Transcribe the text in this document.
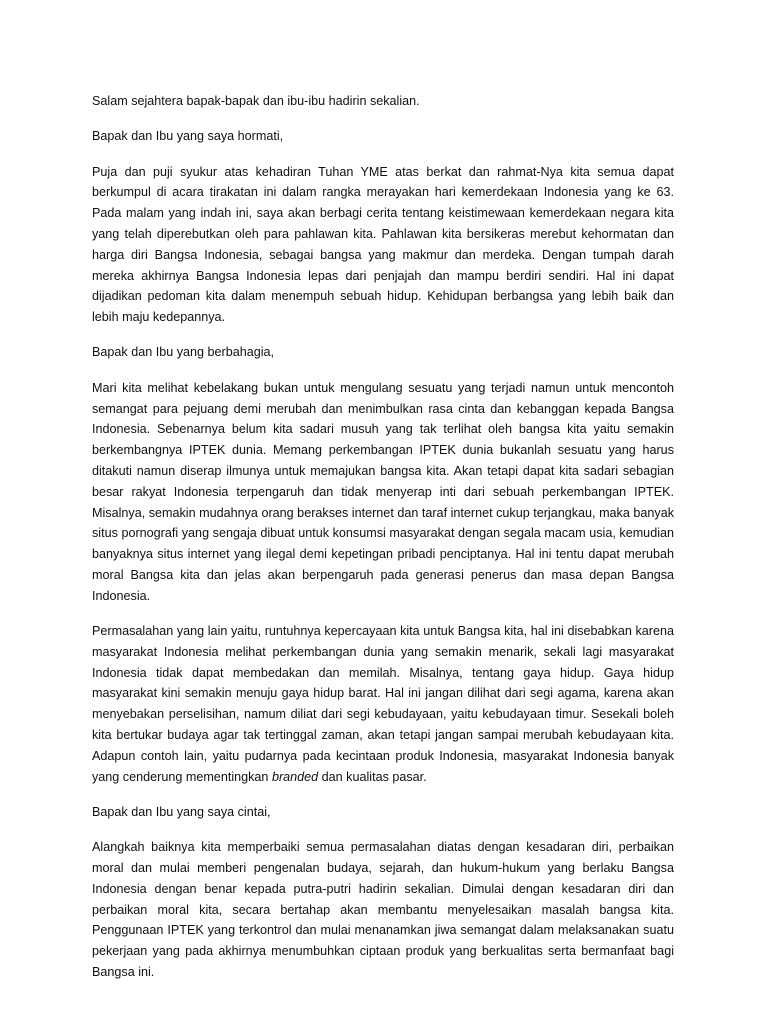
Salam sejahtera bapak-bapak dan ibu-ibu hadirin sekalian.

Bapak dan Ibu yang saya hormati,

Puja dan puji syukur atas kehadiran Tuhan YME atas berkat dan rahmat-Nya kita semua dapat berkumpul di acara tirakatan ini dalam rangka merayakan hari kemerdekaan Indonesia yang ke 63. Pada malam yang indah ini, saya akan berbagi cerita tentang keistimewaan kemerdekaan negara kita yang telah diperebutkan oleh para pahlawan kita. Pahlawan kita bersikeras merebut kehormatan dan harga diri Bangsa Indonesia, sebagai bangsa yang makmur dan merdeka. Dengan tumpah darah mereka akhirnya Bangsa Indonesia lepas dari penjajah dan mampu berdiri sendiri. Hal ini dapat dijadikan pedoman kita dalam menempuh sebuah hidup. Kehidupan berbangsa yang lebih baik dan lebih maju kedepannya.

Bapak dan Ibu yang berbahagia,

Mari kita melihat kebelakang bukan untuk mengulang sesuatu yang terjadi namun untuk mencontoh semangat para pejuang demi merubah dan menimbulkan rasa cinta dan kebanggan kepada Bangsa Indonesia. Sebenarnya belum kita sadari musuh yang tak terlihat oleh bangsa kita yaitu semakin berkembangnya IPTEK dunia. Memang perkembangan IPTEK dunia bukanlah sesuatu yang harus ditakuti namun diserap ilmunya untuk memajukan bangsa kita. Akan tetapi dapat kita sadari sebagian besar rakyat Indonesia terpengaruh dan tidak menyerap inti dari sebuah perkembangan IPTEK. Misalnya, semakin mudahnya orang berakses internet dan taraf internet cukup terjangkau, maka banyak situs pornografi yang sengaja dibuat untuk konsumsi masyarakat dengan segala macam usia, kemudian banyaknya situs internet yang ilegal demi kepetingan pribadi penciptanya. Hal ini tentu dapat merubah moral Bangsa kita dan jelas akan berpengaruh pada generasi penerus dan masa depan Bangsa Indonesia.

Permasalahan yang lain yaitu, runtuhnya kepercayaan kita untuk Bangsa kita, hal ini disebabkan karena masyarakat Indonesia melihat perkembangan dunia yang semakin menarik, sekali lagi masyarakat Indonesia tidak dapat membedakan dan memilah. Misalnya, tentang gaya hidup. Gaya hidup masyarakat kini semakin menuju gaya hidup barat. Hal ini jangan dilihat dari segi agama, karena akan menyebakan perselisihan, namum diliat dari segi kebudayaan, yaitu kebudayaan timur. Sesekali boleh kita bertukar budaya agar tak tertinggal zaman, akan tetapi jangan sampai merubah kebudayaan kita. Adapun contoh lain, yaitu pudarnya pada kecintaan produk Indonesia, masyarakat Indonesia banyak yang cenderung mementingkan branded dan kualitas pasar.

Bapak dan Ibu yang saya cintai,

Alangkah baiknya kita memperbaiki semua permasalahan diatas dengan kesadaran diri, perbaikan moral dan mulai memberi pengenalan budaya, sejarah, dan hukum-hukum yang berlaku Bangsa Indonesia dengan benar kepada putra-putri hadirin sekalian. Dimulai dengan kesadaran diri dan perbaikan moral kita, secara bertahap akan membantu menyelesaikan masalah bangsa kita. Penggunaan IPTEK yang terkontrol dan mulai menanamkan jiwa semangat dalam melaksanakan suatu pekerjaan yang pada akhirnya menumbuhkan ciptaan produk yang berkualitas serta bermanfaat bagi Bangsa ini.
